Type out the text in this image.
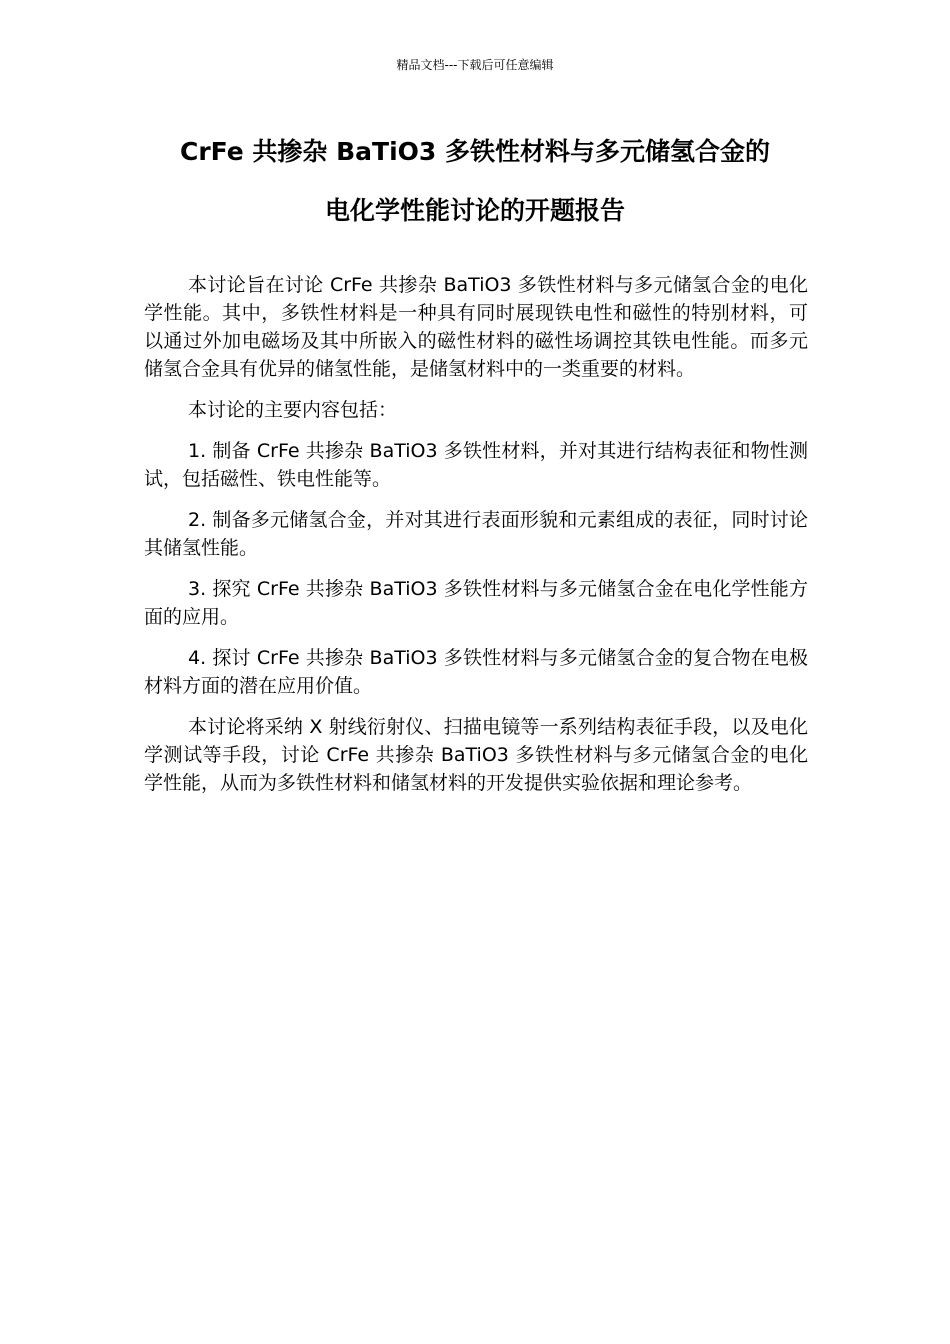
精品文档---下载后可任意编辑
CrFe 共掺杂 BaTiO3 多铁性材料与多元储氢合金的
电化学性能讨论的开题报告

本讨论旨在讨论 CrFe 共掺杂 BaTiO3 多铁性材料与多元储氢合金的电化学性能。其中，多铁性材料是一种具有同时展现铁电性和磁性的特别材料，可以通过外加电磁场及其中所嵌入的磁性材料的磁性场调控其铁电性能。而多元储氢合金具有优异的储氢性能，是储氢材料中的一类重要的材料。

本讨论的主要内容包括：

1. 制备 CrFe 共掺杂 BaTiO3 多铁性材料，并对其进行结构表征和物性测试，包括磁性、铁电性能等。

2. 制备多元储氢合金，并对其进行表面形貌和元素组成的表征，同时讨论其储氢性能。

3. 探究 CrFe 共掺杂 BaTiO3 多铁性材料与多元储氢合金在电化学性能方面的应用。

4. 探讨 CrFe 共掺杂 BaTiO3 多铁性材料与多元储氢合金的复合物在电极材料方面的潜在应用价值。

本讨论将采纳 X 射线衍射仪、扫描电镜等一系列结构表征手段，以及电化学测试等手段，讨论 CrFe 共掺杂 BaTiO3 多铁性材料与多元储氢合金的电化学性能，从而为多铁性材料和储氢材料的开发提供实验依据和理论参考。
